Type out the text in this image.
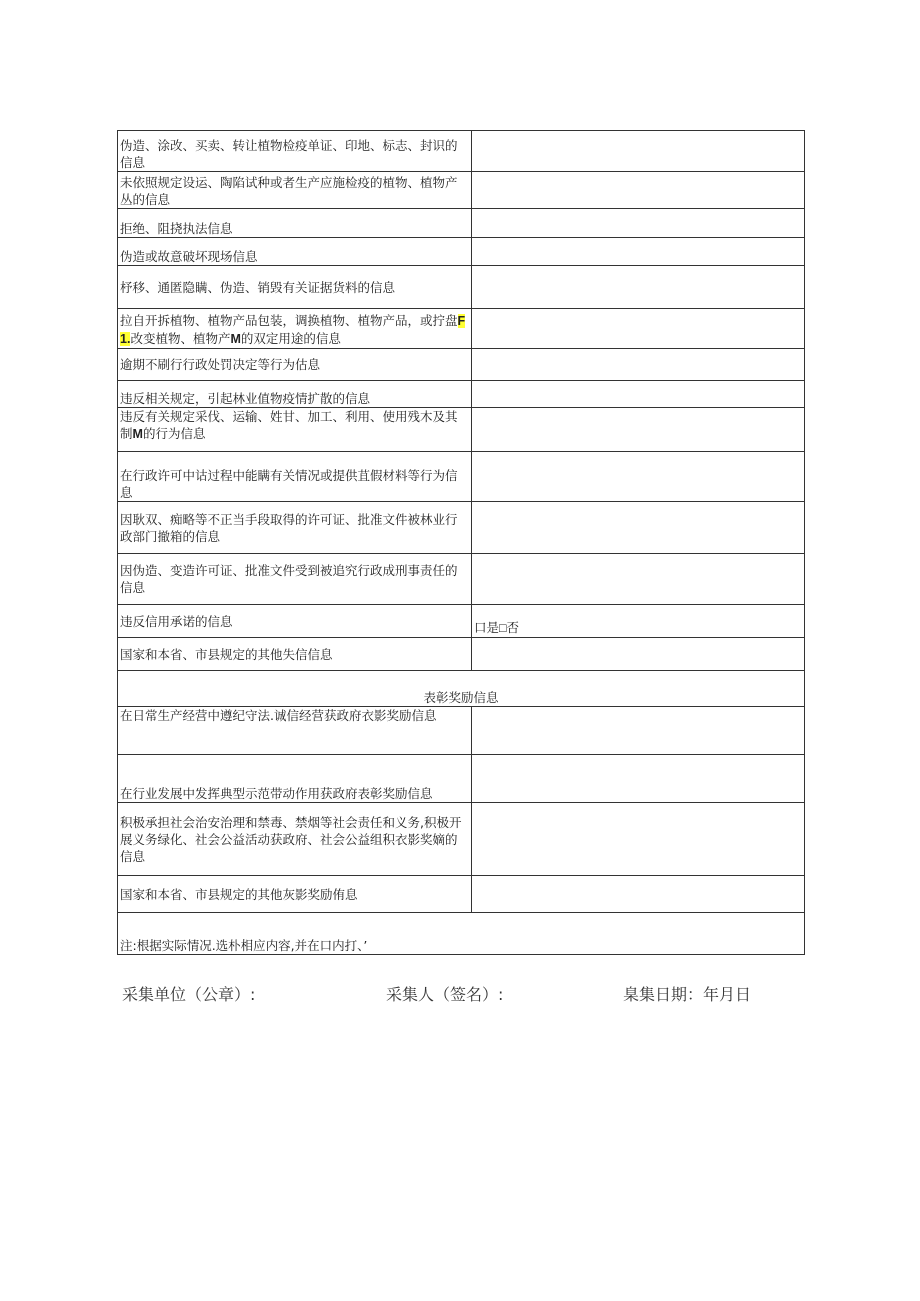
伪造、涂改、买卖、转让植物检疫单证、印地、标志、封识的信息	
未依照规定设运、陶陷试种或者生产应施检疫的植物、植物产丛的信息	
拒绝、阻挠执法信息	
伪造或故意破坏现场信息	
杼移、通匿隐瞒、伪造、销毁有关证据货料的信息	
拉自开拆植物、植物产品包装，调换植物、植物产品，或拧盘F1.改变植物、植物产M的双定用途的信息	
逾期不刷行行政处罚决定等行为估息	
违反相关规定，引起林业值物疫情扩散的信息	
违反有关规定采伐、运输、姓甘、加工、利用、使用残木及其制M的行为信息	
在行政许可中诂过程中能瞒有关情况或提供苴假材料等行为信息	
因耿双、痴略等不正当手段取得的许可证、批准文件被林业行政部门撤箱的信息	
因伪造、变造许可证、批准文件受到被追究行政成刑事责任的信息	
违反信用承诺的信息	口是□否
国家和本省、市县规定的其他失信信息	
表彰奖励信息	
在日常生产经营中遵纪守法.诚信经营获政府衣影奖励信息	
在行业发展中发挥典型示范带动作用获政府表彰奖励信息	
积极承担社会治安治理和禁毒、禁烟等社会责任和义务,积极开展义务绿化、社会公益活动获政府、社会公益组积衣影奖嫡的信息	
国家和本省、市县规定的其他灰影奖励侑息	
注:根据实际情况.选朴相应内容,并在口内打、’	
采集单位（公章）:	采集人（签名）:	臬集日期：年月日
